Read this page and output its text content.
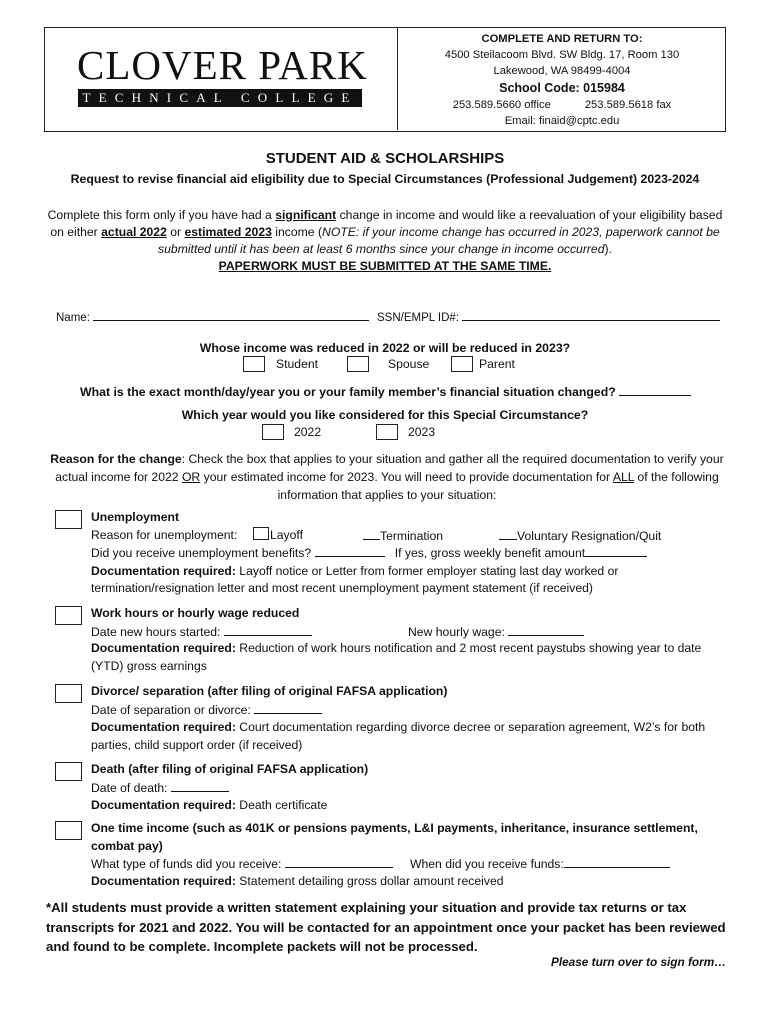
CLOVER PARK
TECHNICAL COLLEGE
COMPLETE AND RETURN TO:
4500 Steilacoom Blvd. SW Bldg. 17, Room 130
Lakewood, WA 98499-4004
School Code: 015984
253.589.5660 office	253.589.5618 fax
Email: finaid@cptc.edu
STUDENT AID & SCHOLARSHIPS
Request to revise financial aid eligibility due to Special Circumstances (Professional Judgement) 2023-2024
Complete this form only if you have had a significant change in income and would like a reevaluation of your eligibility based on either actual 2022 or estimated 2023 income (NOTE: if your income change has occurred in 2023, paperwork cannot be submitted until it has been at least 6 months since your change in income occurred).
PAPERWORK MUST BE SUBMITTED AT THE SAME TIME.
Name:	SSN/EMPL ID#:
Whose income was reduced in 2022 or will be reduced in 2023?
Student	Spouse	Parent
What is the exact month/day/year you or your family member’s financial situation changed?
Which year would you like considered for this Special Circumstance?
2022	2023
Reason for the change: Check the box that applies to your situation and gather all the required documentation to verify your actual income for 2022 OR your estimated income for 2023. You will need to provide documentation for ALL of the following information that applies to your situation:
Unemployment
Reason for unemployment:	Layoff	Termination	Voluntary Resignation/Quit
Did you receive unemployment benefits?	If yes, gross weekly benefit amount
Documentation required: Layoff notice or Letter from former employer stating last day worked or termination/resignation letter and most recent unemployment payment statement (if received)
Work hours or hourly wage reduced
Date new hours started:	New hourly wage:
Documentation required: Reduction of work hours notification and 2 most recent paystubs showing year to date (YTD) gross earnings
Divorce/ separation (after filing of original FAFSA application)
Date of separation or divorce:
Documentation required: Court documentation regarding divorce decree or separation agreement, W2’s for both parties, child support order (if received)
Death (after filing of original FAFSA application)
Date of death:
Documentation required: Death certificate
One time income (such as 401K or pensions payments, L&I payments, inheritance, insurance settlement, combat pay)
What type of funds did you receive:	When did you receive funds:
Documentation required: Statement detailing gross dollar amount received
*All students must provide a written statement explaining your situation and provide tax returns or tax transcripts for 2021 and 2022. You will be contacted for an appointment once your packet has been reviewed and found to be complete. Incomplete packets will not be processed.
Please turn over to sign form…
